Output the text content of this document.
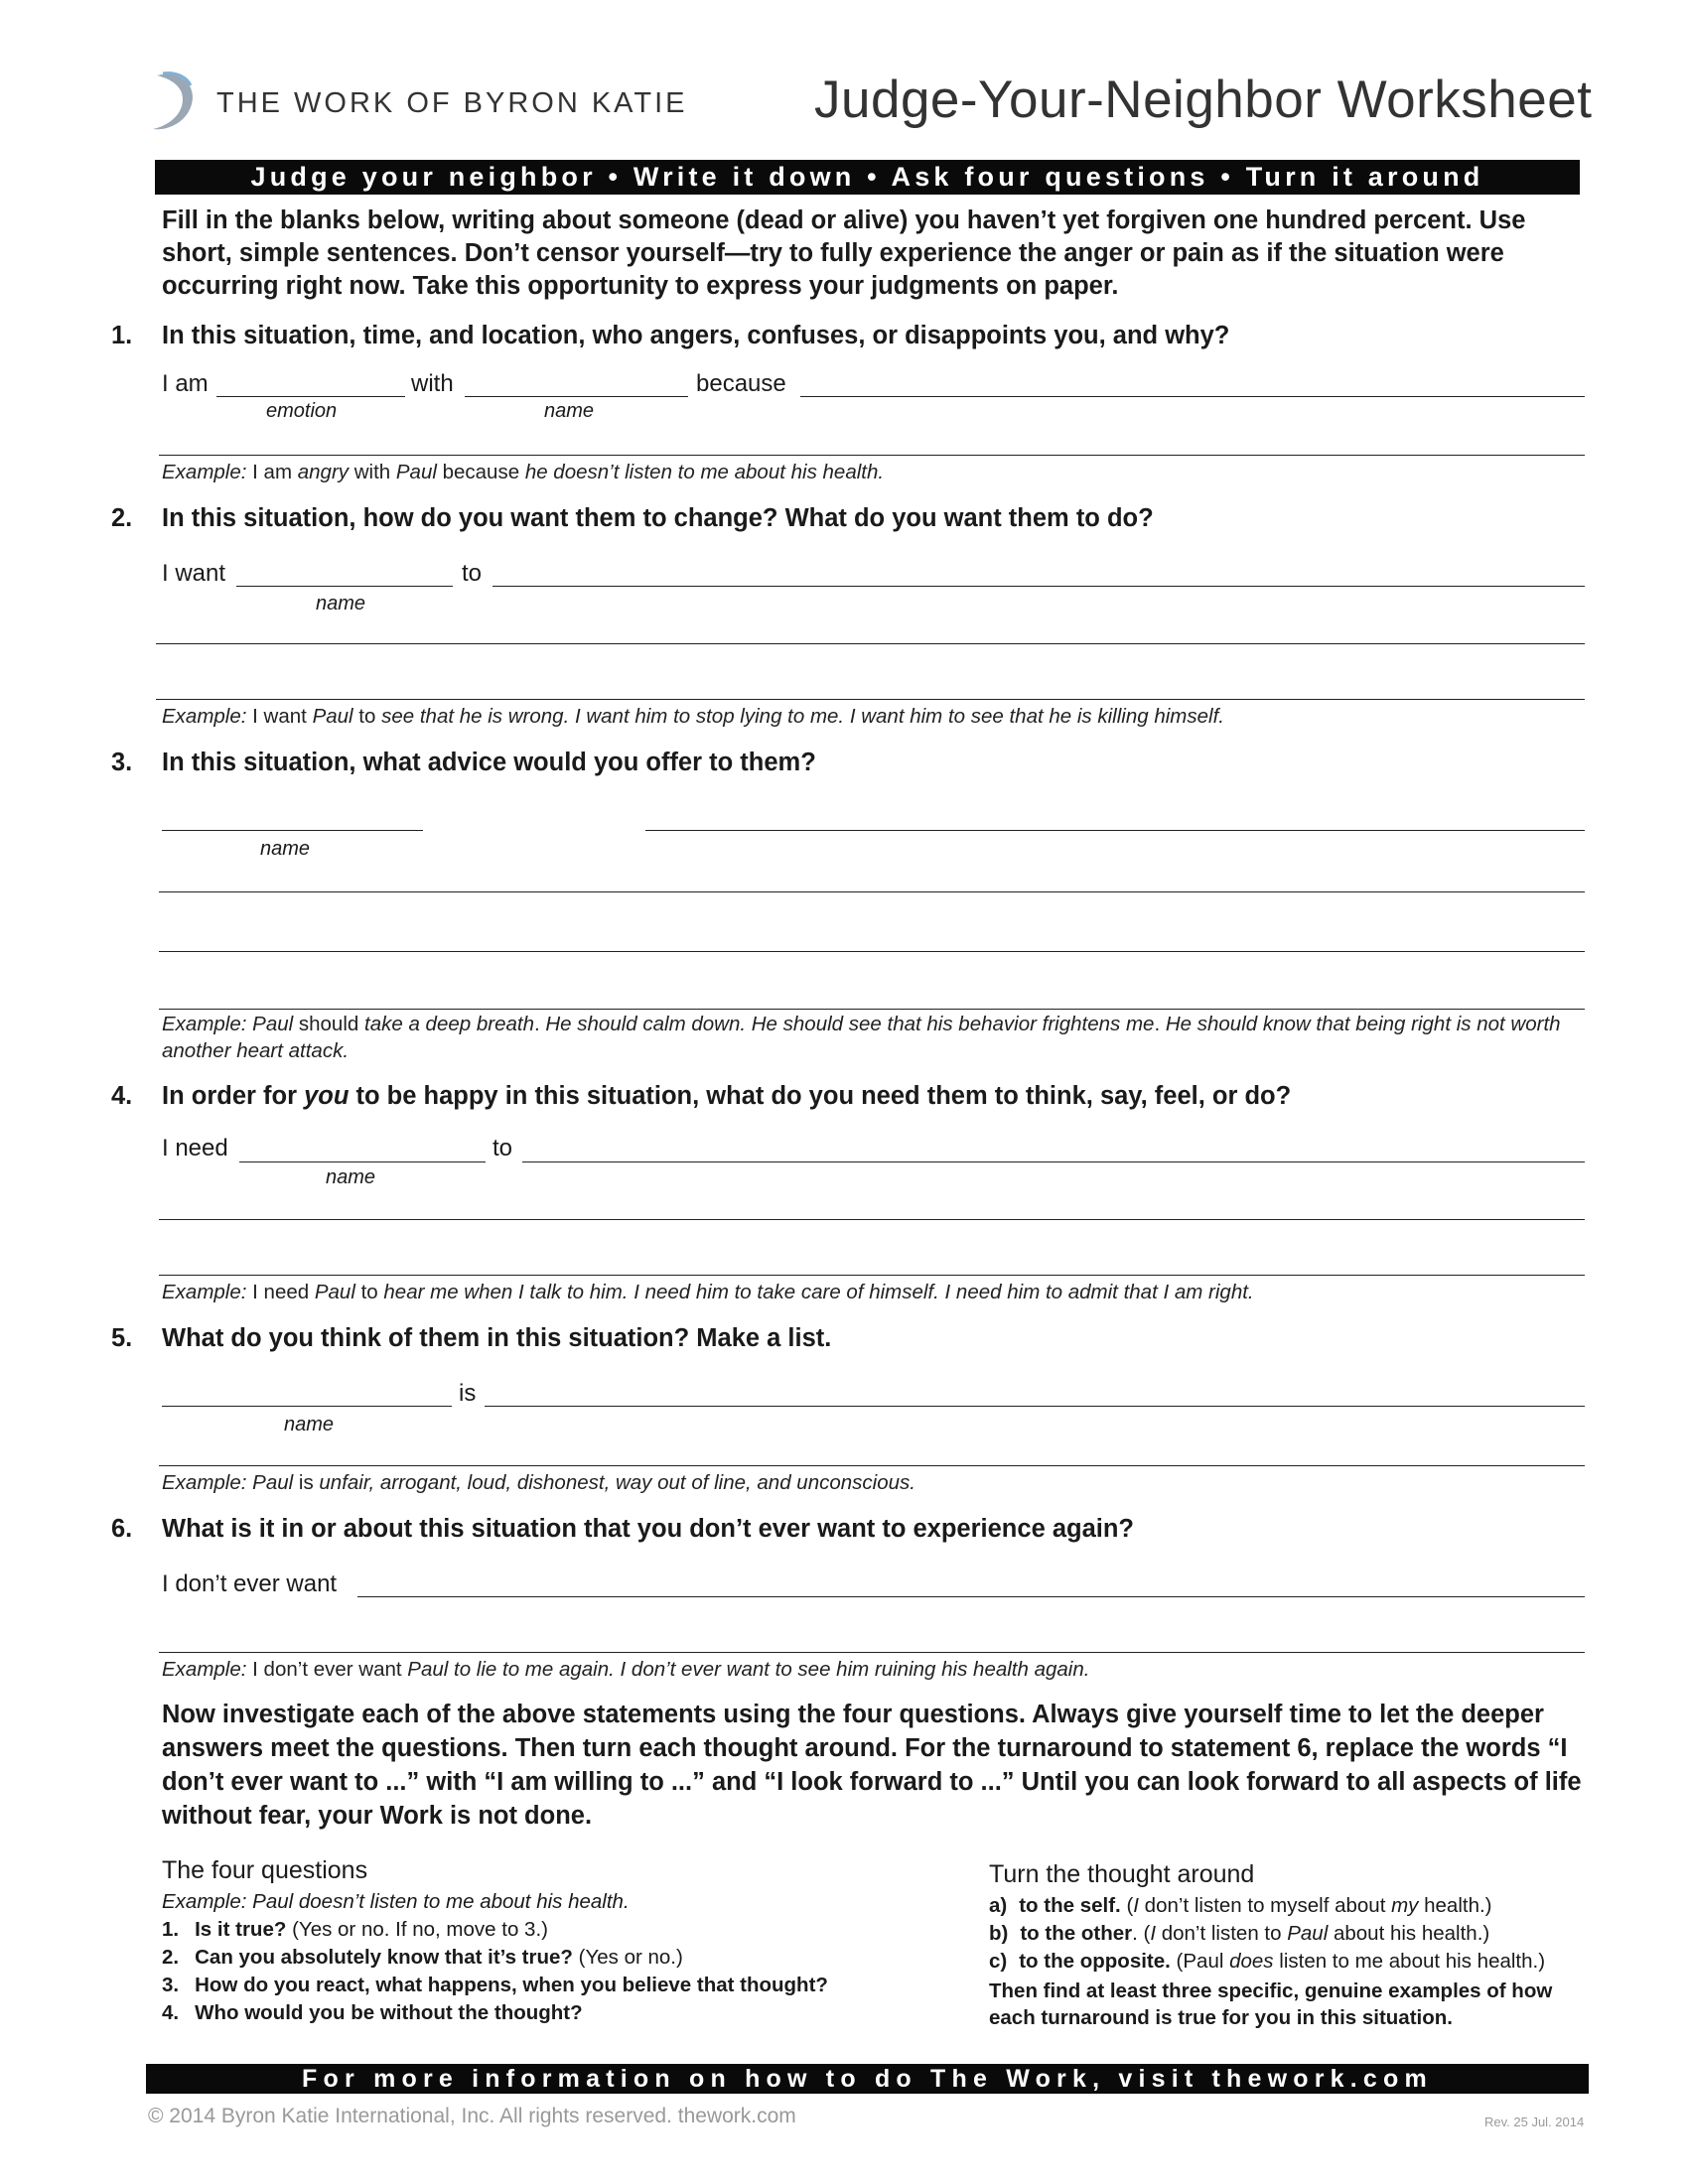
THE WORK OF BYRON KATIE Judge-Your-Neighbor Worksheet
Judge your neighbor • Write it down • Ask four questions • Turn it around
Fill in the blanks below, writing about someone (dead or alive) you haven’t yet forgiven one hundred percent. Use short, simple sentences. Don’t censor yourself—try to fully experience the anger or pain as if the situation were occurring right now. Take this opportunity to express your judgments on paper.
1. In this situation, time, and location, who angers, confuses, or disappoints you, and why?
I am	with	because
emotion	name
Example: I am angry with Paul because he doesn’t listen to me about his health.
2. In this situation, how do you want them to change? What do you want them to do?
I want	to
name
Example: I want Paul to see that he is wrong. I want him to stop lying to me. I want him to see that he is killing himself.
3. In this situation, what advice would you offer to them?
name
Example: Paul should take a deep breath. He should calm down. He should see that his behavior frightens me. He should know that being right is not worth another heart attack.
4. In order for you to be happy in this situation, what do you need them to think, say, feel, or do?
I need	to
name
Example: I need Paul to hear me when I talk to him. I need him to take care of himself. I need him to admit that I am right.
5. What do you think of them in this situation? Make a list.
is
name
Example: Paul is unfair, arrogant, loud, dishonest, way out of line, and unconscious.
6. What is it in or about this situation that you don’t ever want to experience again?
I don’t ever want
Example: I don’t ever want Paul to lie to me again. I don’t ever want to see him ruining his health again.
Now investigate each of the above statements using the four questions. Always give yourself time to let the deeper answers meet the questions. Then turn each thought around. For the turnaround to statement 6, replace the words “I don’t ever want to ...” with “I am willing to ...” and “I look forward to ...” Until you can look forward to all aspects of life without fear, your Work is not done.
The four questions
Example: Paul doesn’t listen to me about his health.
1. Is it true? (Yes or no. If no, move to 3.)
2. Can you absolutely know that it’s true? (Yes or no.)
3. How do you react, what happens, when you believe that thought?
4. Who would you be without the thought?
Turn the thought around
a) to the self. (I don’t listen to myself about my health.)
b) to the other. (I don’t listen to Paul about his health.)
c) to the opposite. (Paul does listen to me about his health.)
Then find at least three specific, genuine examples of how each turnaround is true for you in this situation.
For more information on how to do The Work, visit thework.com
© 2014 Byron Katie International, Inc. All rights reserved. thework.com	Rev. 25 Jul. 2014
